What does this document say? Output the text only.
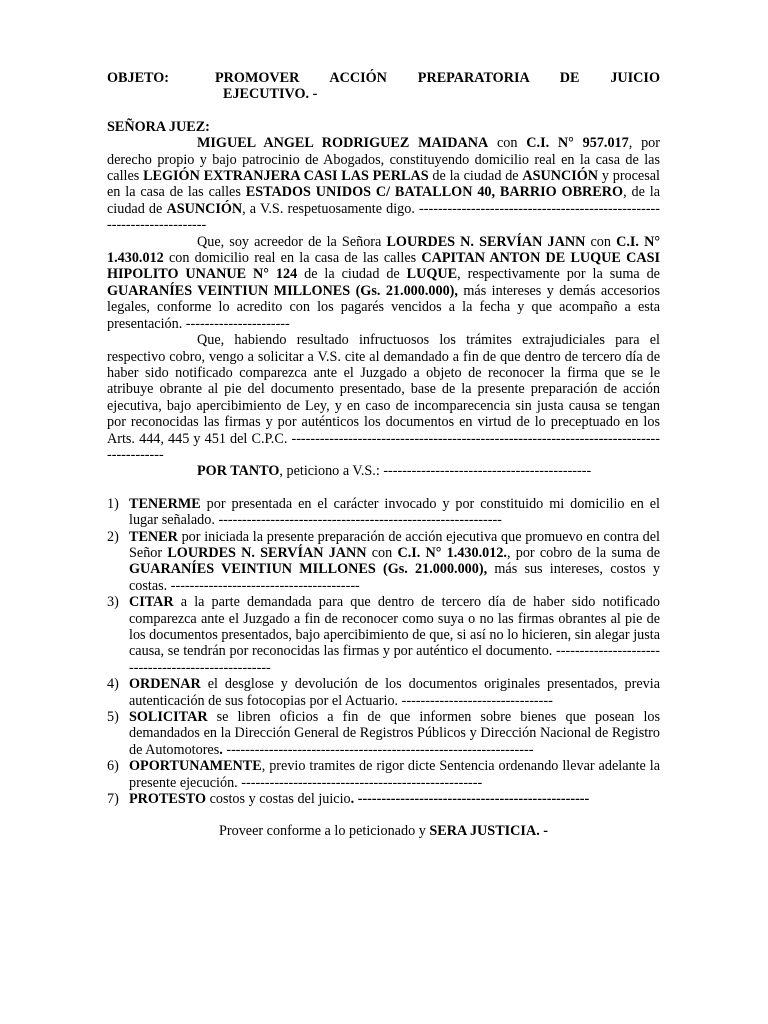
OBJETO:	PROMOVER ACCIÓN PREPARATORIA DE JUICIO
EJECUTIVO. -

SEÑORA JUEZ:

MIGUEL ANGEL RODRIGUEZ MAIDANA con C.I. N° 957.017, por derecho propio y bajo patrocinio de Abogados, constituyendo domicilio real en la casa de las calles LEGIÓN EXTRANJERA CASI LAS PERLAS de la ciudad de ASUNCIÓN y procesal en la casa de las calles ESTADOS UNIDOS C/ BATALLON 40, BARRIO OBRERO, de la ciudad de ASUNCIÓN, a V.S. respetuosamente digo. ------------------------------------------------------------------------

Que, soy acreedor de la Señora LOURDES N. SERVÍAN JANN con C.I. N° 1.430.012 con domicilio real en la casa de las calles CAPITAN ANTON DE LUQUE CASI HIPOLITO UNANUE N° 124 de la ciudad de LUQUE, respectivamente por la suma de GUARANÍES VEINTIUN MILLONES (Gs. 21.000.000), más intereses y demás accesorios legales, conforme lo acredito con los pagarés vencidos a la fecha y que acompaño a esta presentación. ----------------------

Que, habiendo resultado infructuosos los trámites extrajudiciales para el respectivo cobro, vengo a solicitar a V.S. cite al demandado a fin de que dentro de tercero día de haber sido notificado comparezca ante el Juzgado a objeto de reconocer la firma que se le atribuye obrante al pie del documento presentado, base de la presente preparación de acción ejecutiva, bajo apercibimiento de Ley, y en caso de incomparecencia sin justa causa se tengan por reconocidas las firmas y por auténticos los documentos en virtud de lo preceptuado en los Arts. 444, 445 y 451 del C.P.C. ------------------------------------------------------------------------------------------

POR TANTO, peticiono a V.S.: --------------------------------------------

1) TENERME por presentada en el carácter invocado y por constituido mi domicilio en el lugar señalado. ------------------------------------------------------------
2) TENER por iniciada la presente preparación de acción ejecutiva que promuevo en contra del Señor LOURDES N. SERVÍAN JANN con C.I. N° 1.430.012., por cobro de la suma de GUARANÍES VEINTIUN MILLONES (Gs. 21.000.000), más sus intereses, costos y costas. ----------------------------------------
3) CITAR a la parte demandada para que dentro de tercero día de haber sido notificado comparezca ante el Juzgado a fin de reconocer como suya o no las firmas obrantes al pie de los documentos presentados, bajo apercibimiento de que, si así no lo hicieren, sin alegar justa causa, se tendrán por reconocidas las firmas y por auténtico el documento. ----------------------------------------------------
4) ORDENAR el desglose y devolución de los documentos originales presentados, previa autenticación de sus fotocopias por el Actuario. --------------------------------
5) SOLICITAR se libren oficios a fin de que informen sobre bienes que posean los demandados en la Dirección General de Registros Públicos y Dirección Nacional de Registro de Automotores. -----------------------------------------------------------------
6) OPORTUNAMENTE, previo tramites de rigor dicte Sentencia ordenando llevar adelante la presente ejecución. ---------------------------------------------------
7) PROTESTO costos y costas del juicio. -------------------------------------------------

Proveer conforme a lo peticionado y SERA JUSTICIA. -
